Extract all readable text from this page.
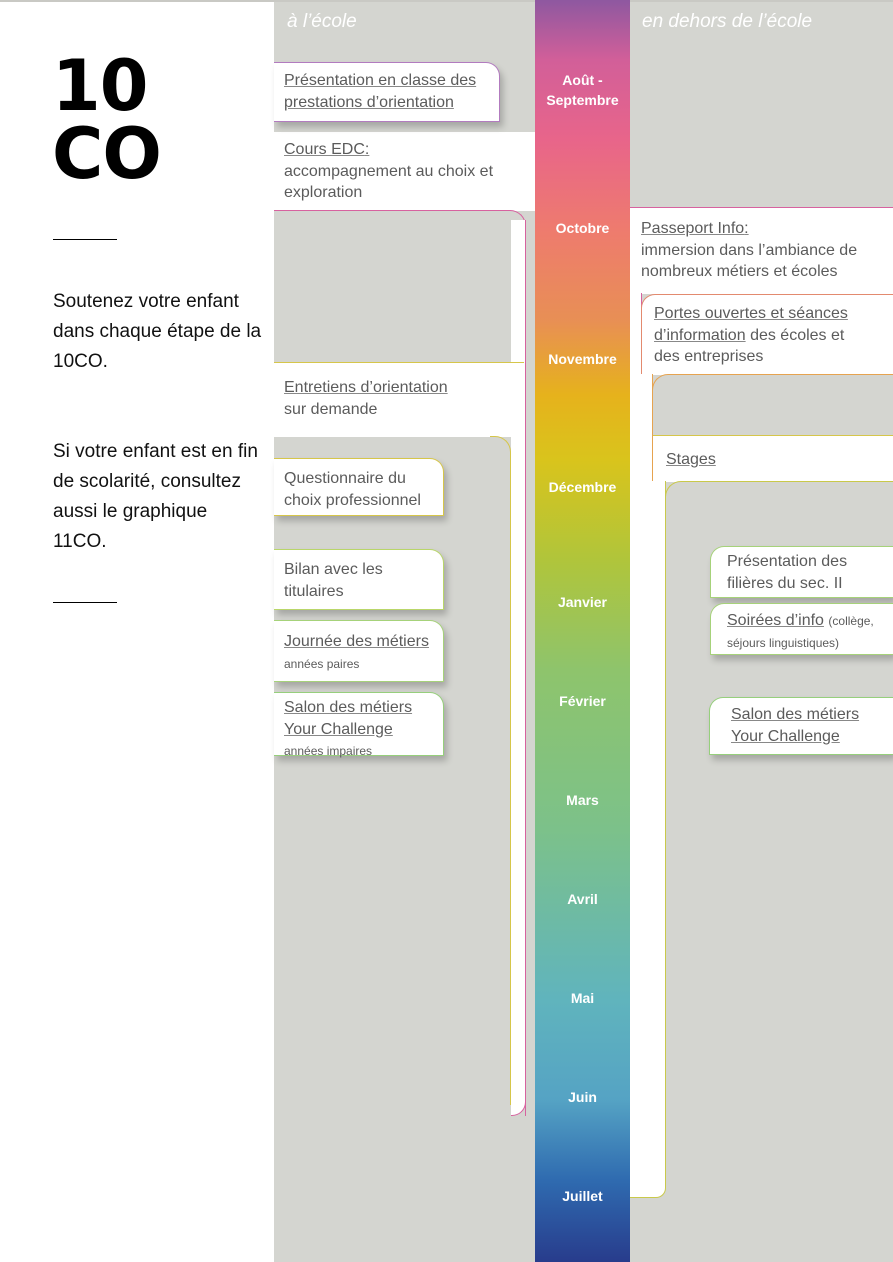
10
CO

Soutenez votre enfant dans chaque étape de la 10CO.

Si votre enfant est en fin de scolarité, consultez aussi le graphique 11CO.

à l’école	en dehors de l’école
Présentation en classe des prestations d’orientation
Cours EDC:
accompagnement au choix et exploration
Entretiens d’orientation
sur demande
Questionnaire du choix professionnel
Bilan avec les titulaires
Journée des métiers
années paires
Salon des métiers
Your Challenge
années impaires

Août - Septembre

Octobre

Novembre

Décembre

Janvier

Février

Mars

Avril

Mai

Juin

Juillet

Passeport Info:
immersion dans l’ambiance de nombreux métiers et écoles
Portes ouvertes et séances
d’information des écoles et
des entreprises
Stages
Présentation des filières du sec. II
Soirées d’info (collège, séjours linguistiques)
Salon des métiers
Your Challenge
